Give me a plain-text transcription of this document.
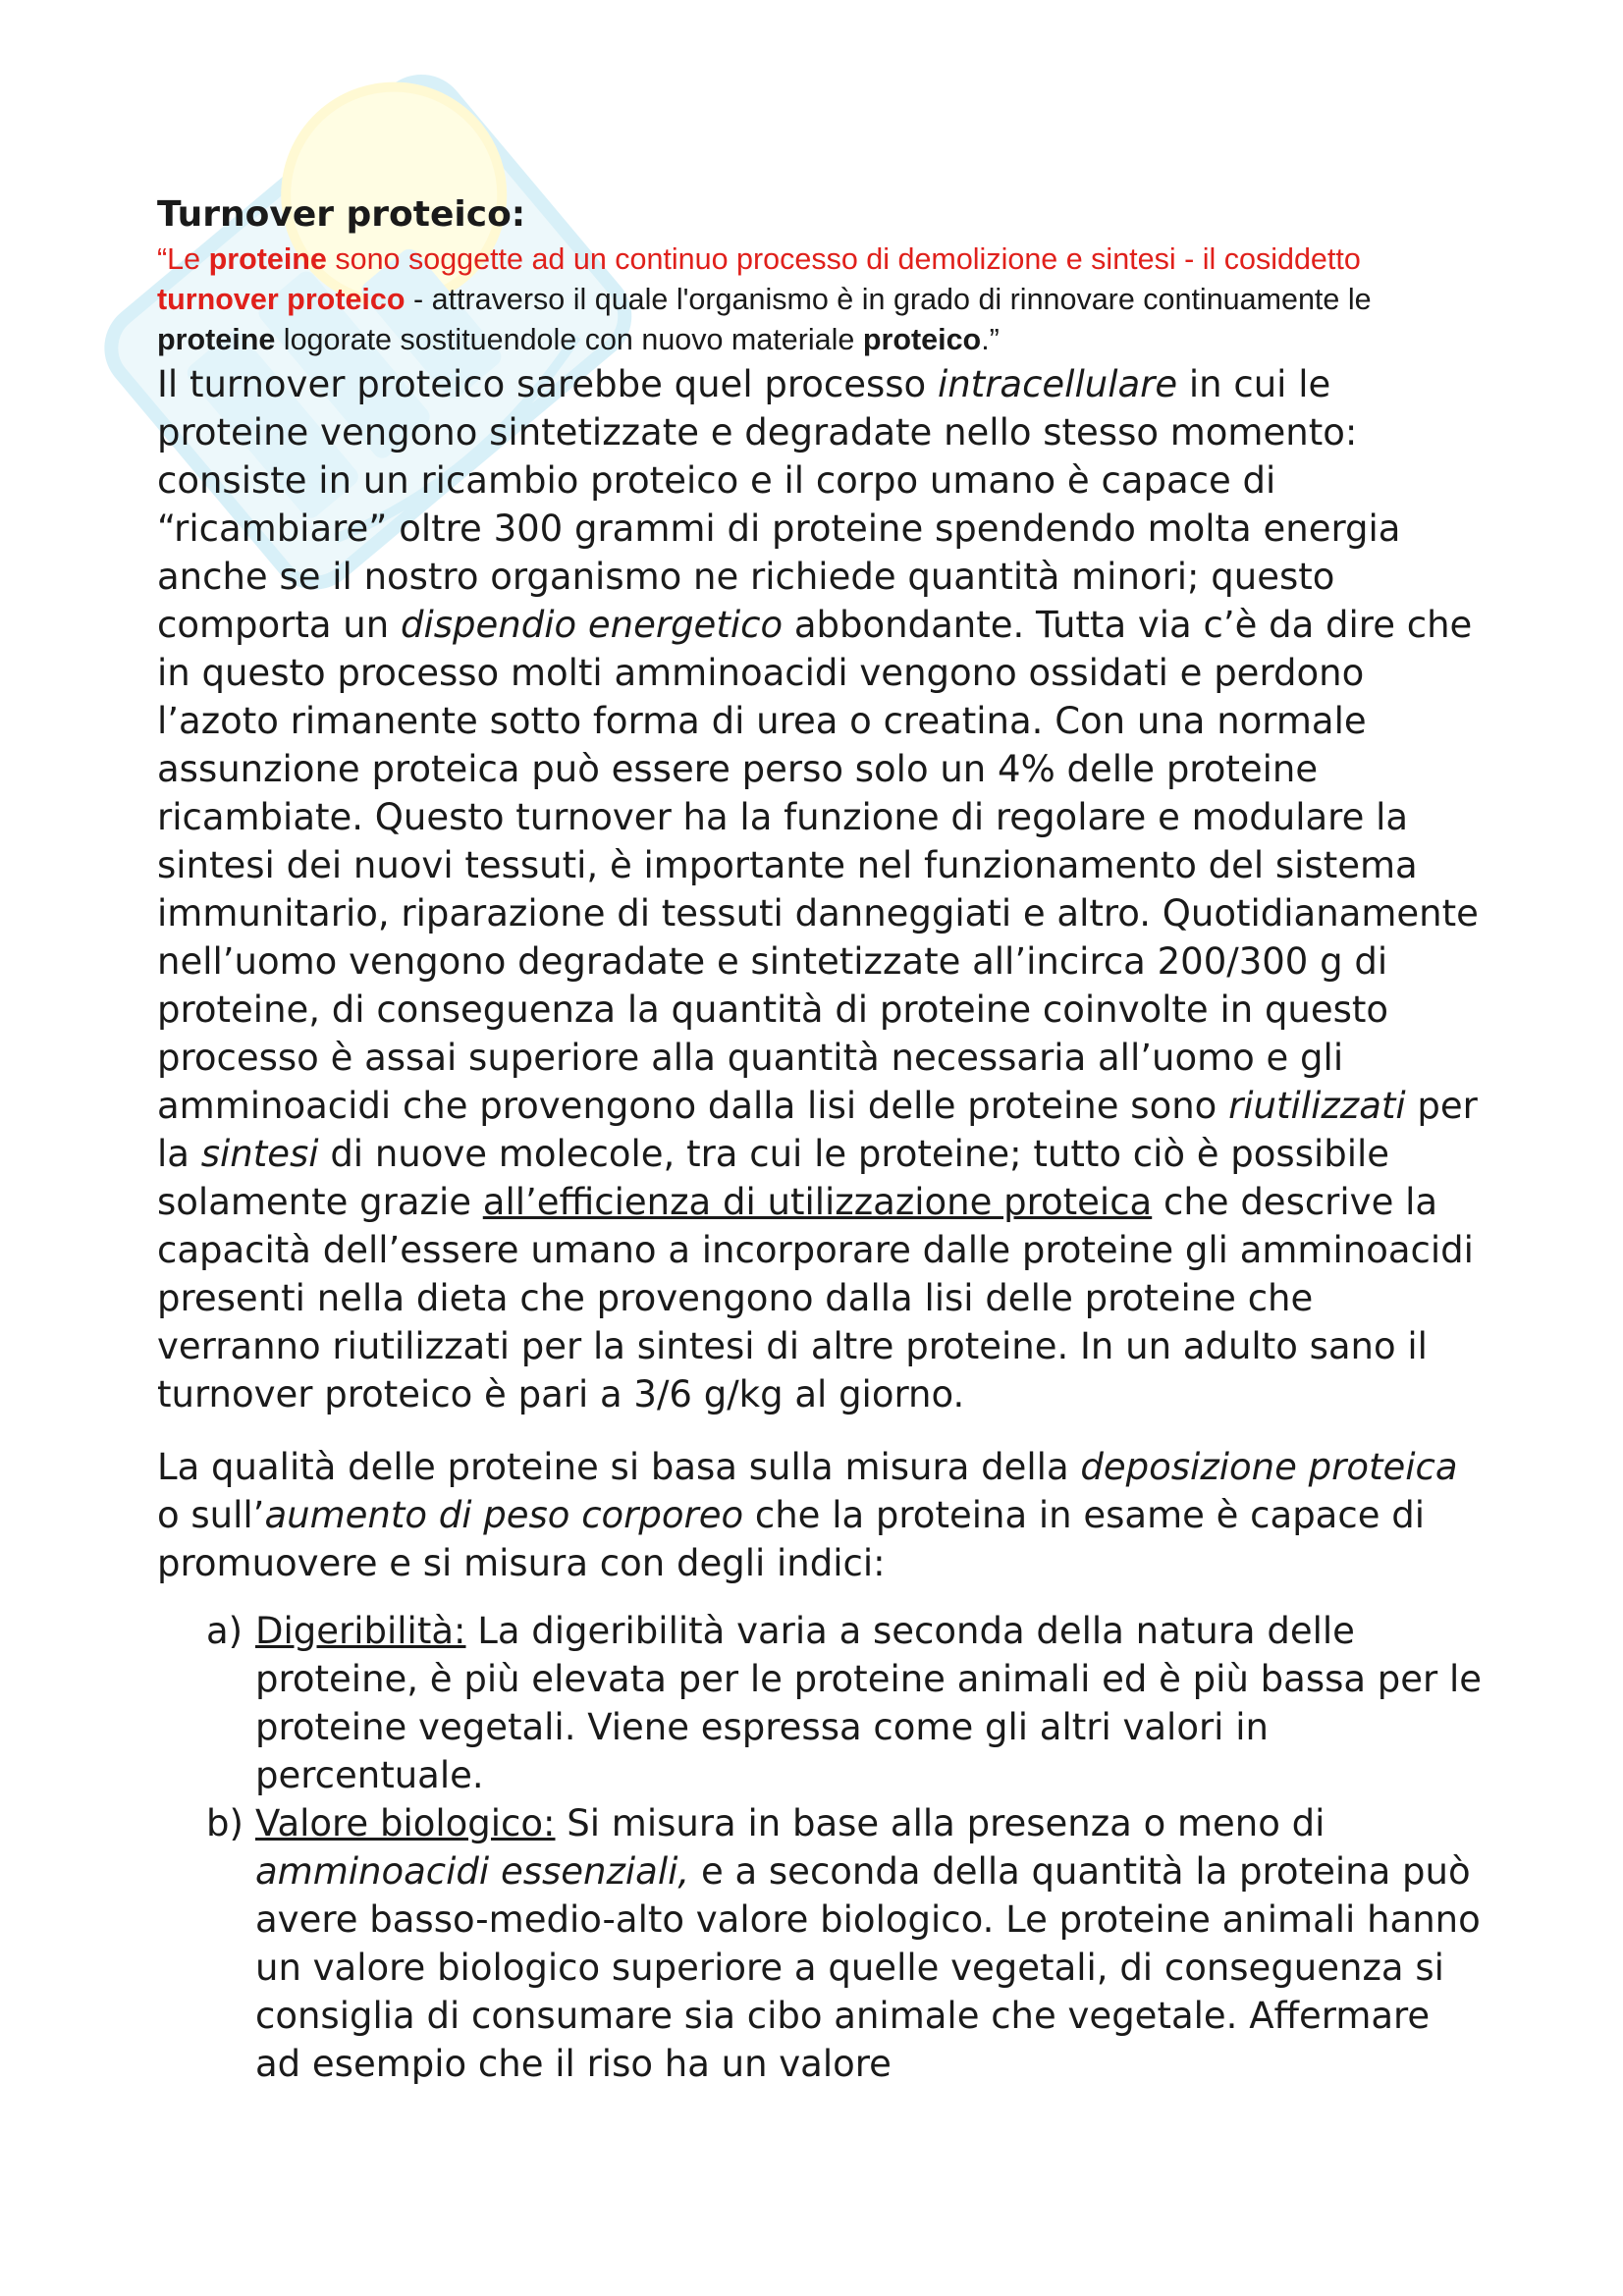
Turnover proteico:

“Le proteine sono soggette ad un continuo processo di demolizione e sintesi - il cosiddetto turnover proteico - attraverso il quale l'organismo è in grado di rinnovare continuamente le proteine logorate sostituendole con nuovo materiale proteico.”

Il turnover proteico sarebbe quel processo intracellulare in cui le proteine vengono sintetizzate e degradate nello stesso momento: consiste in un ricambio proteico e il corpo umano è capace di “ricambiare” oltre 300 grammi di proteine spendendo molta energia anche se il nostro organismo ne richiede quantità minori; questo comporta un dispendio energetico abbondante. Tutta via c’è da dire che in questo processo molti amminoacidi vengono ossidati e perdono l’azoto rimanente sotto forma di urea o creatina. Con una normale assunzione proteica può essere perso solo un 4% delle proteine ricambiate. Questo turnover ha la funzione di regolare e modulare la sintesi dei nuovi tessuti, è importante nel funzionamento del sistema immunitario, riparazione di tessuti danneggiati e altro. Quotidianamente nell’uomo vengono degradate e sintetizzate all’incirca 200/300 g di proteine, di conseguenza la quantità di proteine coinvolte in questo processo è assai superiore alla quantità necessaria all’uomo e gli amminoacidi che provengono dalla lisi delle proteine sono riutilizzati per la sintesi di nuove molecole, tra cui le proteine; tutto ciò è possibile solamente grazie all’efficienza di utilizzazione proteica che descrive la capacità dell’essere umano a incorporare dalle proteine gli amminoacidi presenti nella dieta che provengono dalla lisi delle proteine che verranno riutilizzati per la sintesi di altre proteine. In un adulto sano il turnover proteico è pari a 3/6 g/kg al giorno.

La qualità delle proteine si basa sulla misura della deposizione proteica o sull’aumento di peso corporeo che la proteina in esame è capace di promuovere e si misura con degli indici:

a) Digeribilità: La digeribilità varia a seconda della natura delle proteine, è più elevata per le proteine animali ed è più bassa per le proteine vegetali. Viene espressa come gli altri valori in percentuale.
b) Valore biologico: Si misura in base alla presenza o meno di amminoacidi essenziali, e a seconda della quantità la proteina può avere basso-medio-alto valore biologico. Le proteine animali hanno un valore biologico superiore a quelle vegetali, di conseguenza si consiglia di consumare sia cibo animale che vegetale. Affermare ad esempio che il riso ha un valore
